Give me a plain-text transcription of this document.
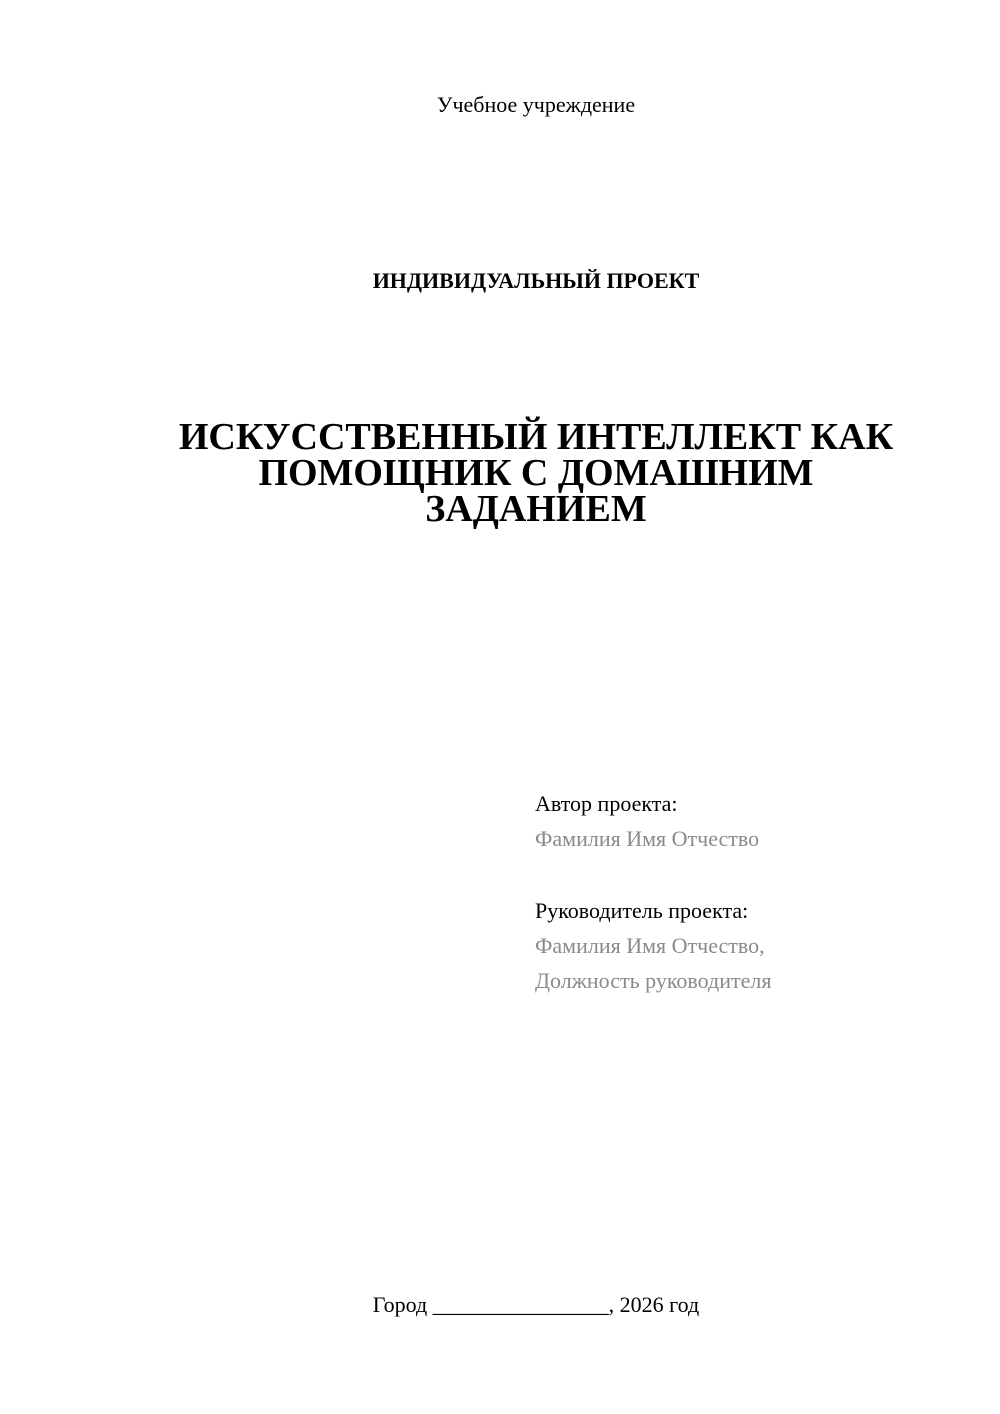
Учебное учреждение
ИНДИВИДУАЛЬНЫЙ ПРОЕКТ
ИСКУССТВЕННЫЙ ИНТЕЛЛЕКТ КАК
ПОМОЩНИК С ДОМАШНИМ
ЗАДАНИЕМ
Автор проекта:
Фамилия Имя Отчество
Руководитель проекта:
Фамилия Имя Отчество,
Должность руководителя
Город ________________, 2026 год
